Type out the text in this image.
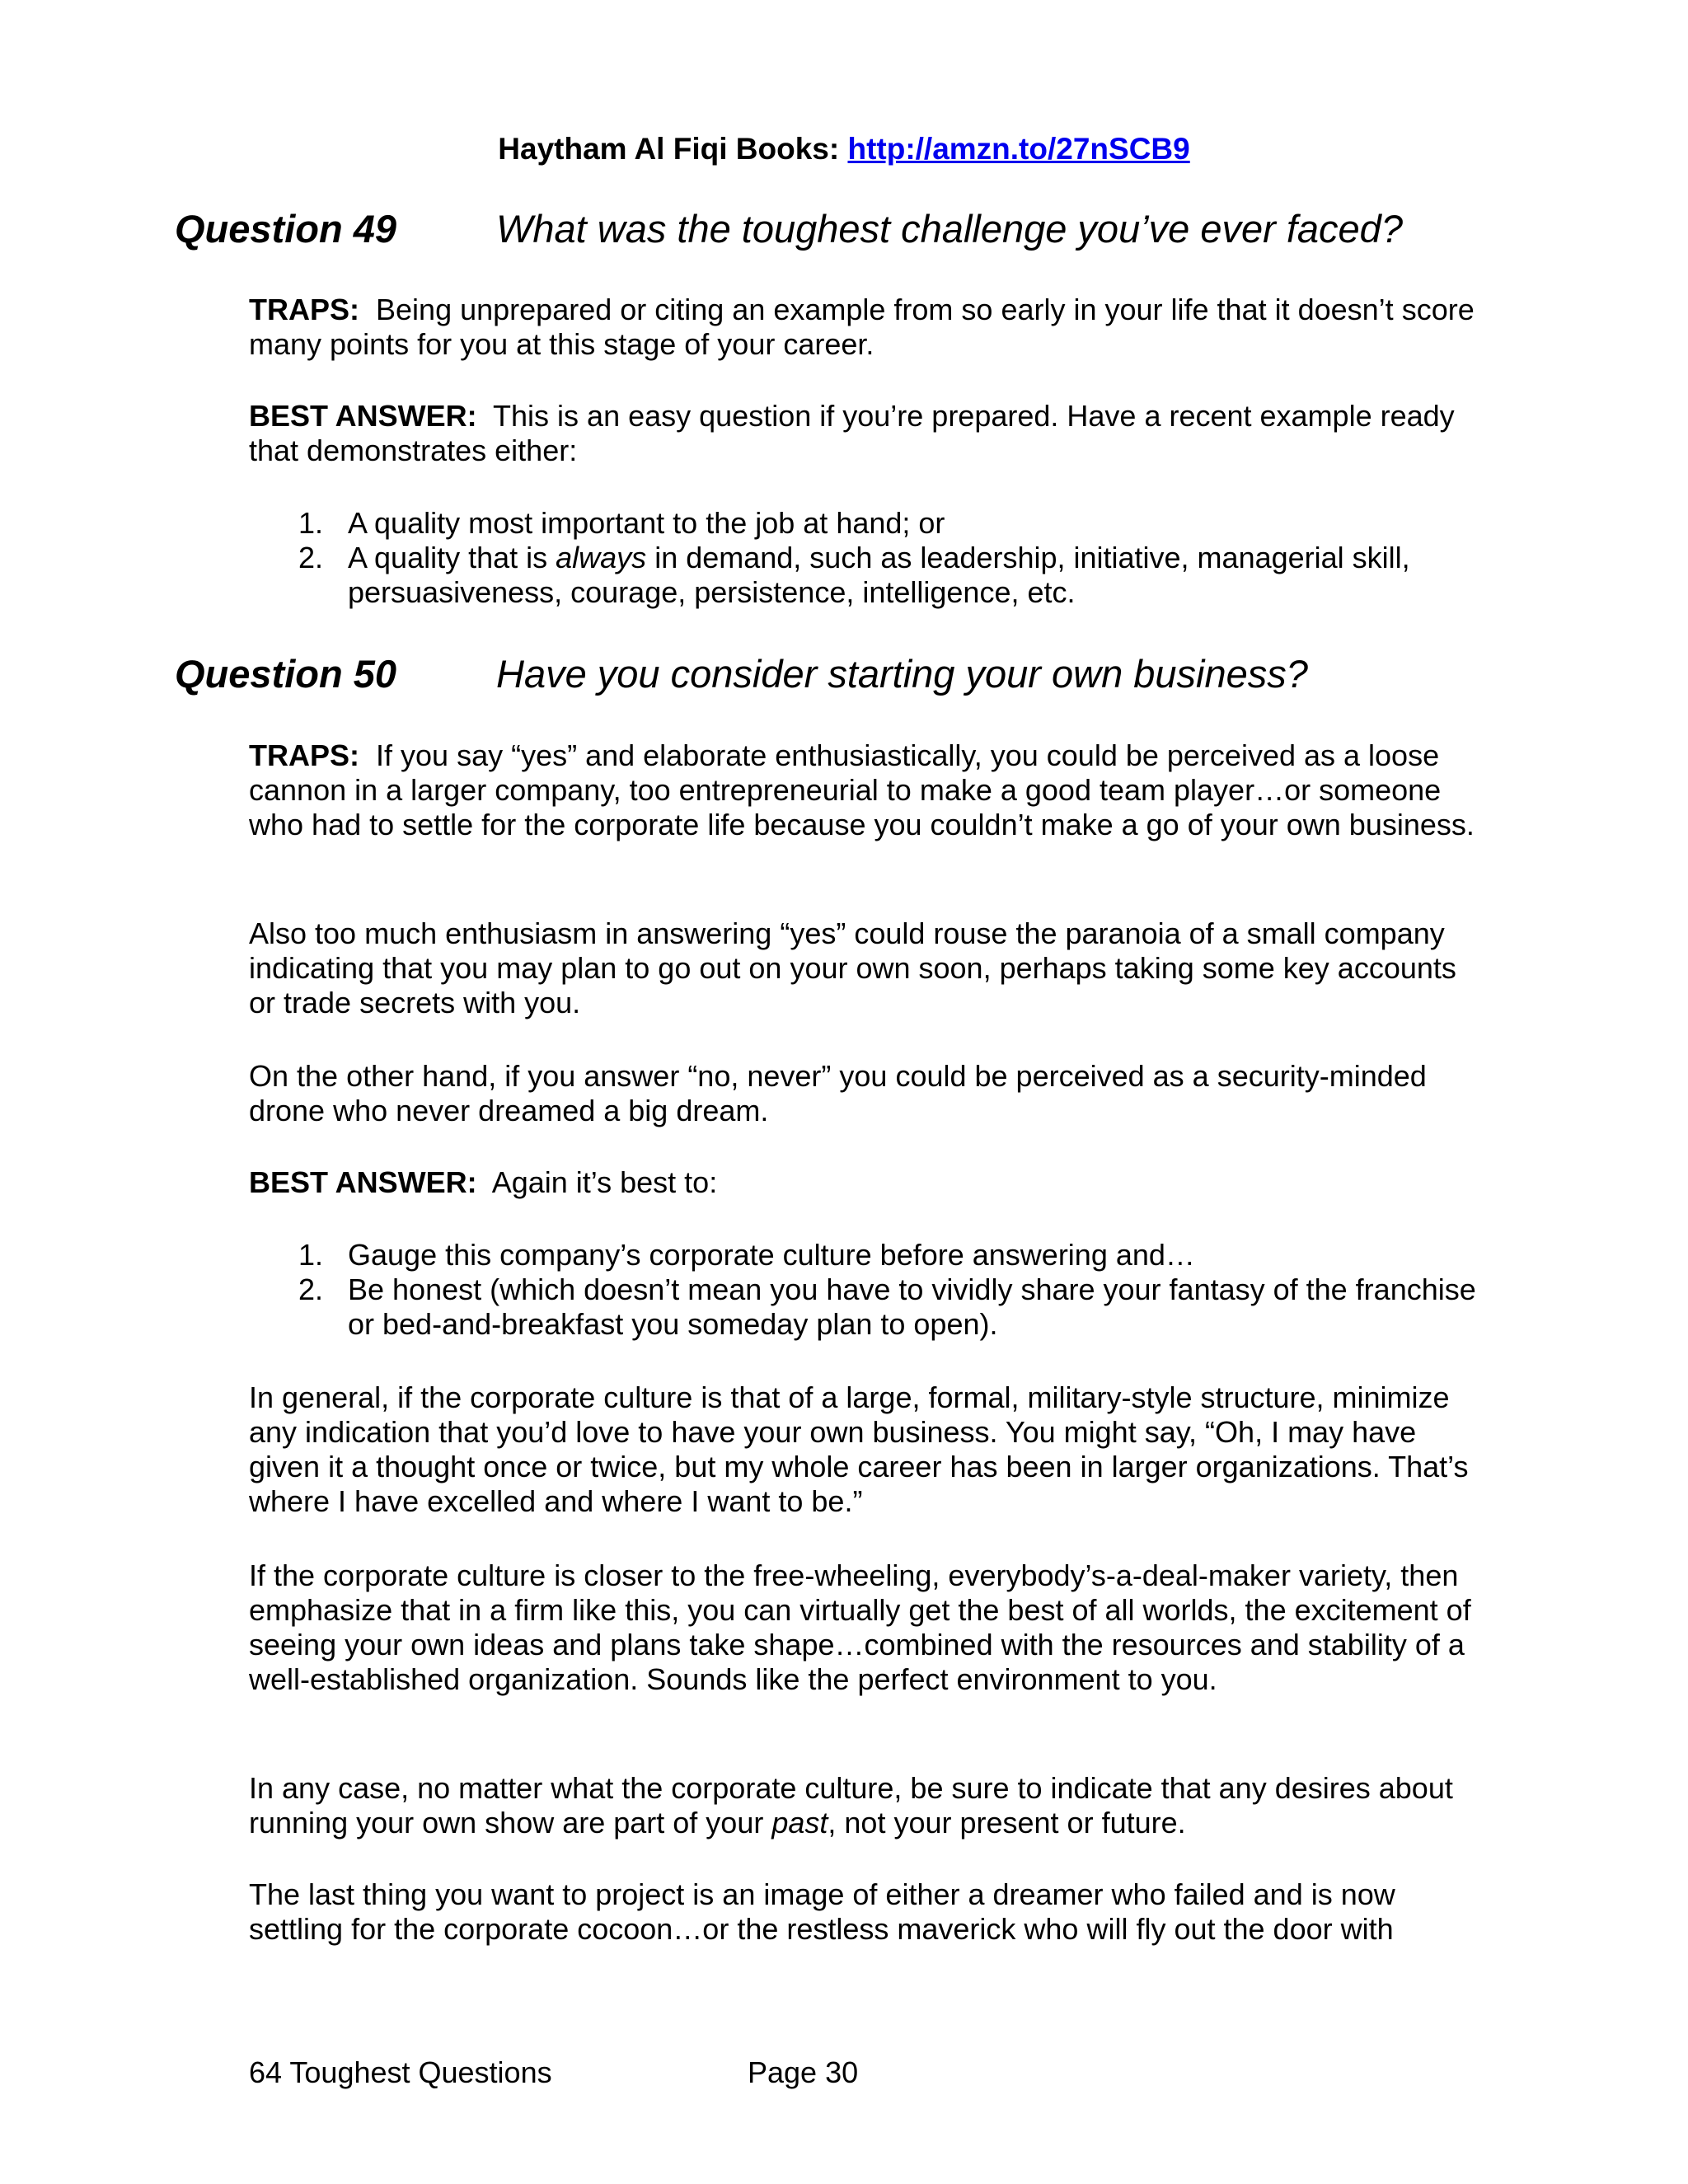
Haytham Al Fiqi Books: http://amzn.to/27nSCB9
Question 49	What was the toughest challenge you’ve ever faced?

TRAPS: Being unprepared or citing an example from so early in your life that it doesn’t score many points for you at this stage of your career.

BEST ANSWER: This is an easy question if you’re prepared. Have a recent example ready that demonstrates either:

1. A quality most important to the job at hand; or
2. A quality that is always in demand, such as leadership, initiative, managerial skill, persuasiveness, courage, persistence, intelligence, etc.
Question 50	Have you consider starting your own business?

TRAPS: If you say “yes” and elaborate enthusiastically, you could be perceived as a loose cannon in a larger company, too entrepreneurial to make a good team player…or someone who had to settle for the corporate life because you couldn’t make a go of your own business.

Also too much enthusiasm in answering “yes” could rouse the paranoia of a small company indicating that you may plan to go out on your own soon, perhaps taking some key accounts or trade secrets with you.

On the other hand, if you answer “no, never” you could be perceived as a security-minded drone who never dreamed a big dream.

BEST ANSWER: Again it’s best to:

1. Gauge this company’s corporate culture before answering and…
2. Be honest (which doesn’t mean you have to vividly share your fantasy of the franchise or bed-and-breakfast you someday plan to open).

In general, if the corporate culture is that of a large, formal, military-style structure, minimize any indication that you’d love to have your own business. You might say, “Oh, I may have given it a thought once or twice, but my whole career has been in larger organizations. That’s where I have excelled and where I want to be.”

If the corporate culture is closer to the free-wheeling, everybody’s-a-deal-maker variety, then emphasize that in a firm like this, you can virtually get the best of all worlds, the excitement of seeing your own ideas and plans take shape…combined with the resources and stability of a well-established organization. Sounds like the perfect environment to you.

In any case, no matter what the corporate culture, be sure to indicate that any desires about running your own show are part of your past, not your present or future.

The last thing you want to project is an image of either a dreamer who failed and is now settling for the corporate cocoon…or the restless maverick who will fly out the door with

64 Toughest Questions	Page 30
